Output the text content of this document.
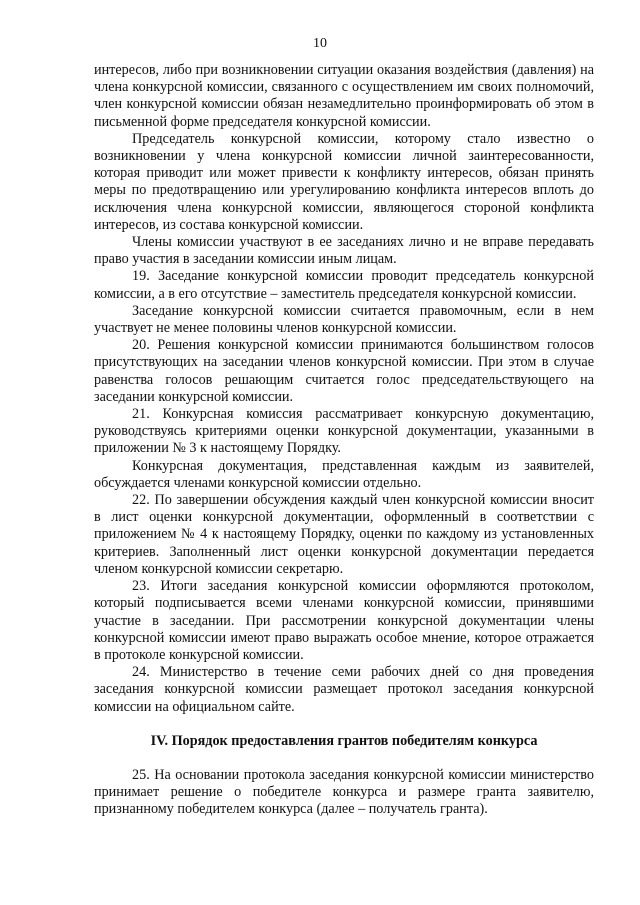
10

интересов, либо при возникновении ситуации оказания воздействия (давления) на члена конкурсной комиссии, связанного с осуществлением им своих полномочий, член конкурсной комиссии обязан незамедлительно проинформировать об этом в письменной форме председателя конкурсной комиссии.

Председатель конкурсной комиссии, которому стало известно о возникновении у члена конкурсной комиссии личной заинтересованности, которая приводит или может привести к конфликту интересов, обязан принять меры по предотвращению или урегулированию конфликта интересов вплоть до исключения члена конкурсной комиссии, являющегося стороной конфликта интересов, из состава конкурсной комиссии.

Члены комиссии участвуют в ее заседаниях лично и не вправе передавать право участия в заседании комиссии иным лицам.

19. Заседание конкурсной комиссии проводит председатель конкурсной комиссии, а в его отсутствие – заместитель председателя конкурсной комиссии.

Заседание конкурсной комиссии считается правомочным, если в нем участвует не менее половины членов конкурсной комиссии.

20. Решения конкурсной комиссии принимаются большинством голосов присутствующих на заседании членов конкурсной комиссии. При этом в случае равенства голосов решающим считается голос председательствующего на заседании конкурсной комиссии.

21. Конкурсная комиссия рассматривает конкурсную документацию, руководствуясь критериями оценки конкурсной документации, указанными в приложении № 3 к настоящему Порядку.

Конкурсная документация, представленная каждым из заявителей, обсуждается членами конкурсной комиссии отдельно.

22. По завершении обсуждения каждый член конкурсной комиссии вносит в лист оценки конкурсной документации, оформленный в соответствии с приложением № 4 к настоящему Порядку, оценки по каждому из установленных критериев. Заполненный лист оценки конкурсной документации передается членом конкурсной комиссии секретарю.

23. Итоги заседания конкурсной комиссии оформляются протоколом, который подписывается всеми членами конкурсной комиссии, принявшими участие в заседании. При рассмотрении конкурсной документации члены конкурсной комиссии имеют право выражать особое мнение, которое отражается в протоколе конкурсной комиссии.

24. Министерство в течение семи рабочих дней со дня проведения заседания конкурсной комиссии размещает протокол заседания конкурсной комиссии на официальном сайте.

IV. Порядок предоставления грантов победителям конкурса

25. На основании протокола заседания конкурсной комиссии министерство принимает решение о победителе конкурса и размере гранта заявителю, признанному победителем конкурса (далее – получатель гранта).
